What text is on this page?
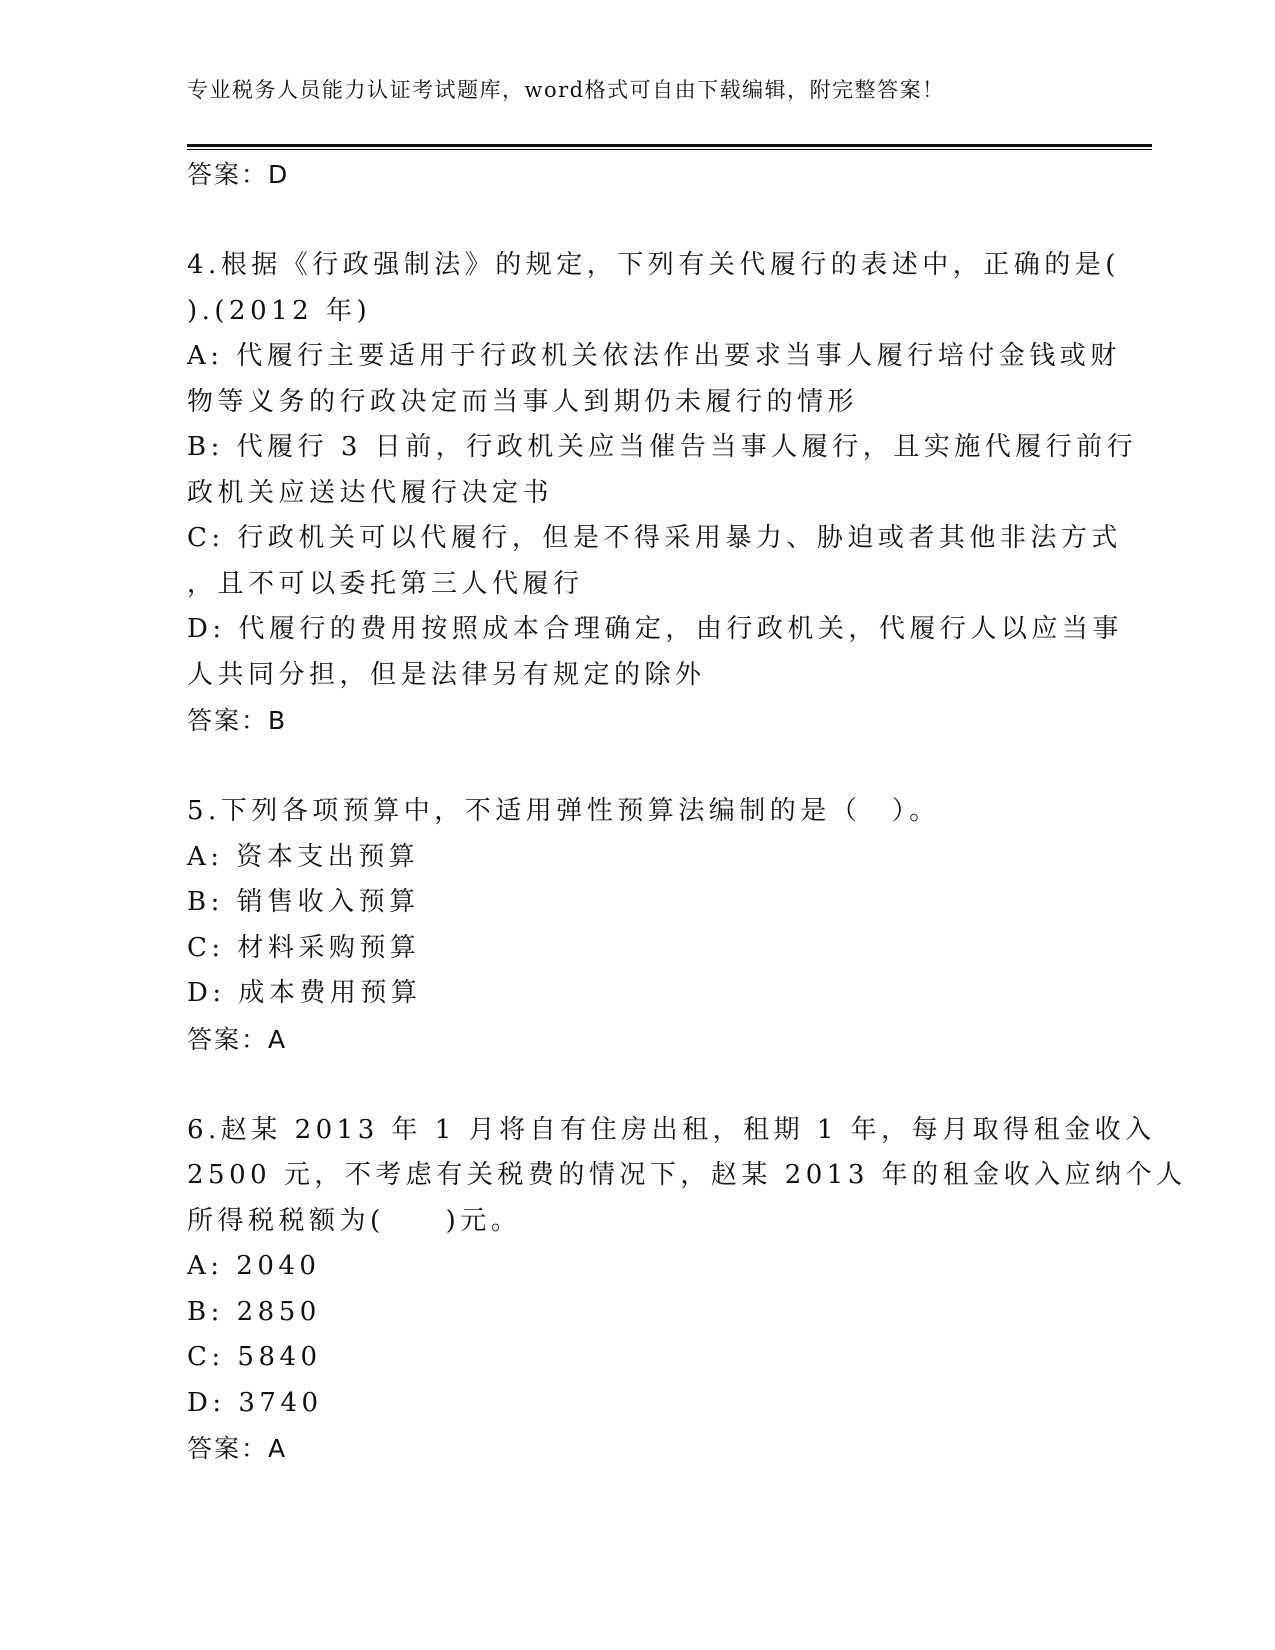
专业税务人员能力认证考试题库，word格式可自由下载编辑，附完整答案！
答案：D
4.根据《行政强制法》的规定，下列有关代履行的表述中，正确的是(
).(2012 年)
A: 代履行主要适用于行政机关依法作出要求当事人履行培付金钱或财
物等义务的行政决定而当事人到期仍未履行的情形
B: 代履行 3 日前，行政机关应当催告当事人履行，且实施代履行前行
政机关应送达代履行决定书
C: 行政机关可以代履行，但是不得采用暴力、胁迫或者其他非法方式
，且不可以委托第三人代履行
D: 代履行的费用按照成本合理确定，由行政机关，代履行人以应当事
人共同分担，但是法律另有规定的除外
答案：B
5.下列各项预算中，不适用弹性预算法编制的是（　）。
A: 资本支出预算
B: 销售收入预算
C: 材料采购预算
D: 成本费用预算
答案：A
6.赵某 2013 年 1 月将自有住房出租，租期 1 年，每月取得租金收入
2500 元，不考虑有关税费的情况下，赵某 2013 年的租金收入应纳个人
所得税税额为(　　)元。
A: 2040
B: 2850
C: 5840
D: 3740
答案：A
